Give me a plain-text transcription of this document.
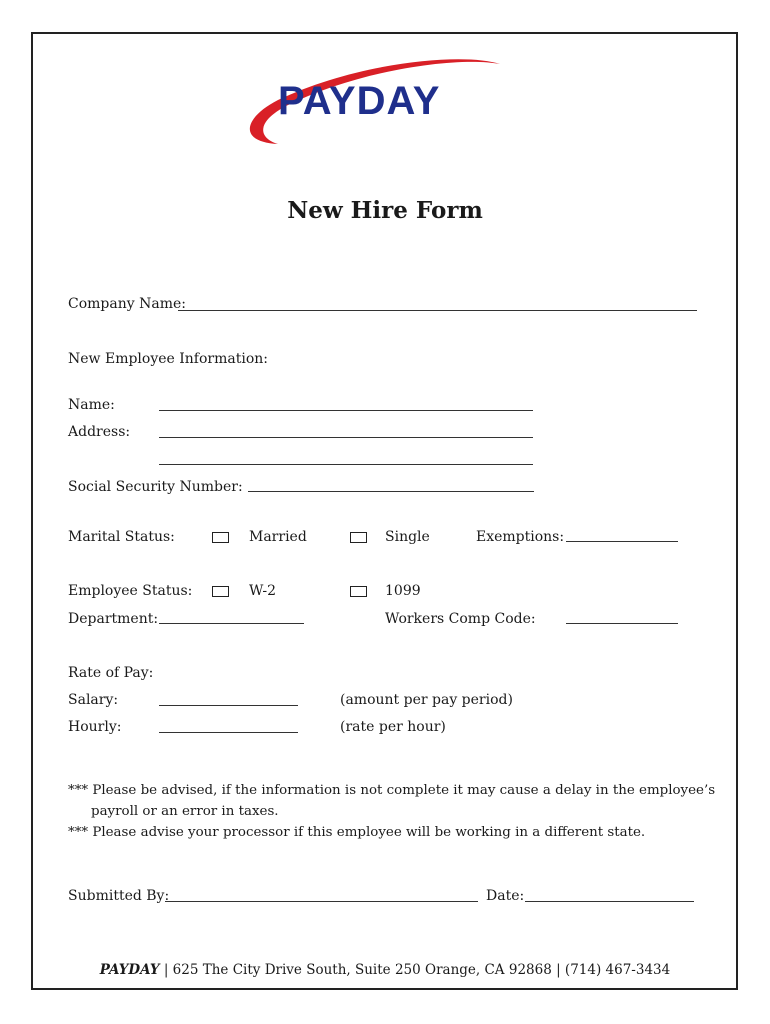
PAYDAY
New Hire Form
Company Name:
New Employee Information:
Name:
Address:
Social Security Number:
Marital Status:	Married	Single	Exemptions:
Employee Status:	W-2	1099
Department:	Workers Comp Code:
Rate of Pay:
Salary:	(amount per pay period)
Hourly:	(rate per hour)
*** Please be advised, if the information is not complete it may cause a delay in the employee’s
payroll or an error in taxes.
*** Please advise your processor if this employee will be working in a different state.
Submitted By:	Date:
PAYDAY | 625 The City Drive South, Suite 250 Orange, CA 92868 | (714) 467-3434
